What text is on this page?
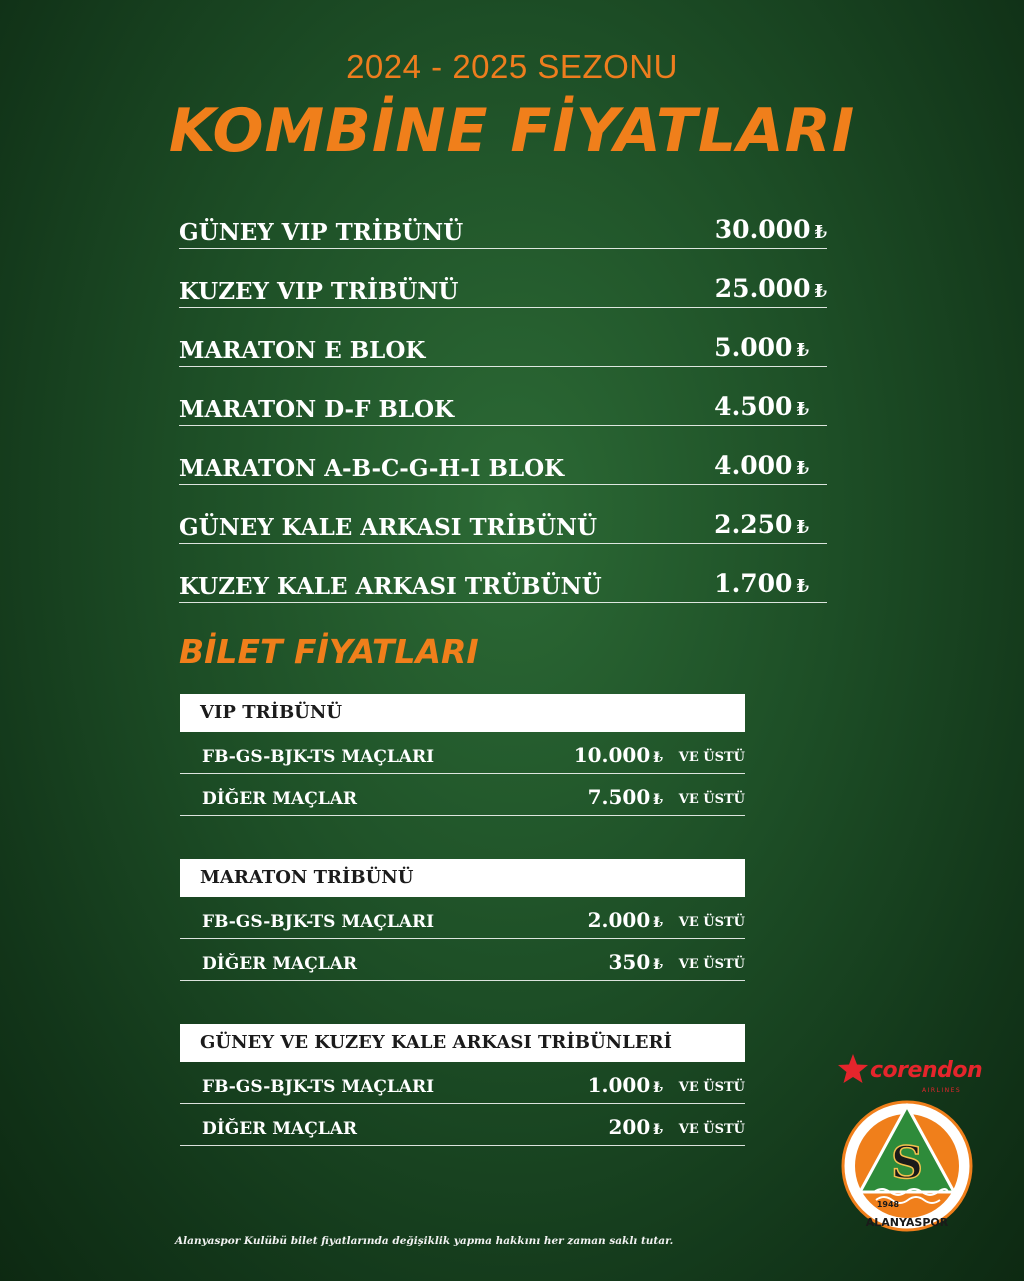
2024 - 2025 SEZONU
KOMBİNE FİYATLARI
GÜNEY VIP TRİBÜNÜ	30.000 ₺
KUZEY VIP TRİBÜNÜ	25.000 ₺
MARATON E BLOK	5.000 ₺
MARATON D-F BLOK	4.500 ₺
MARATON A-B-C-G-H-I BLOK	4.000 ₺
GÜNEY KALE ARKASI TRİBÜNÜ	2.250 ₺
KUZEY KALE ARKASI TRÜBÜNÜ	1.700 ₺
BİLET FİYATLARI
VIP TRİBÜNÜ
FB-GS-BJK-TS MAÇLARI	10.000 ₺ VE ÜSTÜ
DİĞER MAÇLAR	7.500 ₺ VE ÜSTÜ
MARATON TRİBÜNÜ
FB-GS-BJK-TS MAÇLARI	2.000 ₺ VE ÜSTÜ
DİĞER MAÇLAR	350 ₺ VE ÜSTÜ
GÜNEY VE KUZEY KALE ARKASI TRİBÜNLERİ
FB-GS-BJK-TS MAÇLARI	1.000 ₺ VE ÜSTÜ
DİĞER MAÇLAR	200 ₺ VE ÜSTÜ
Alanyaspor Kulübü bilet fiyatlarında değişiklik yapma hakkını her zaman saklı tutar.
corendon
AIRLINES
S
1948
ALANYASPOR
